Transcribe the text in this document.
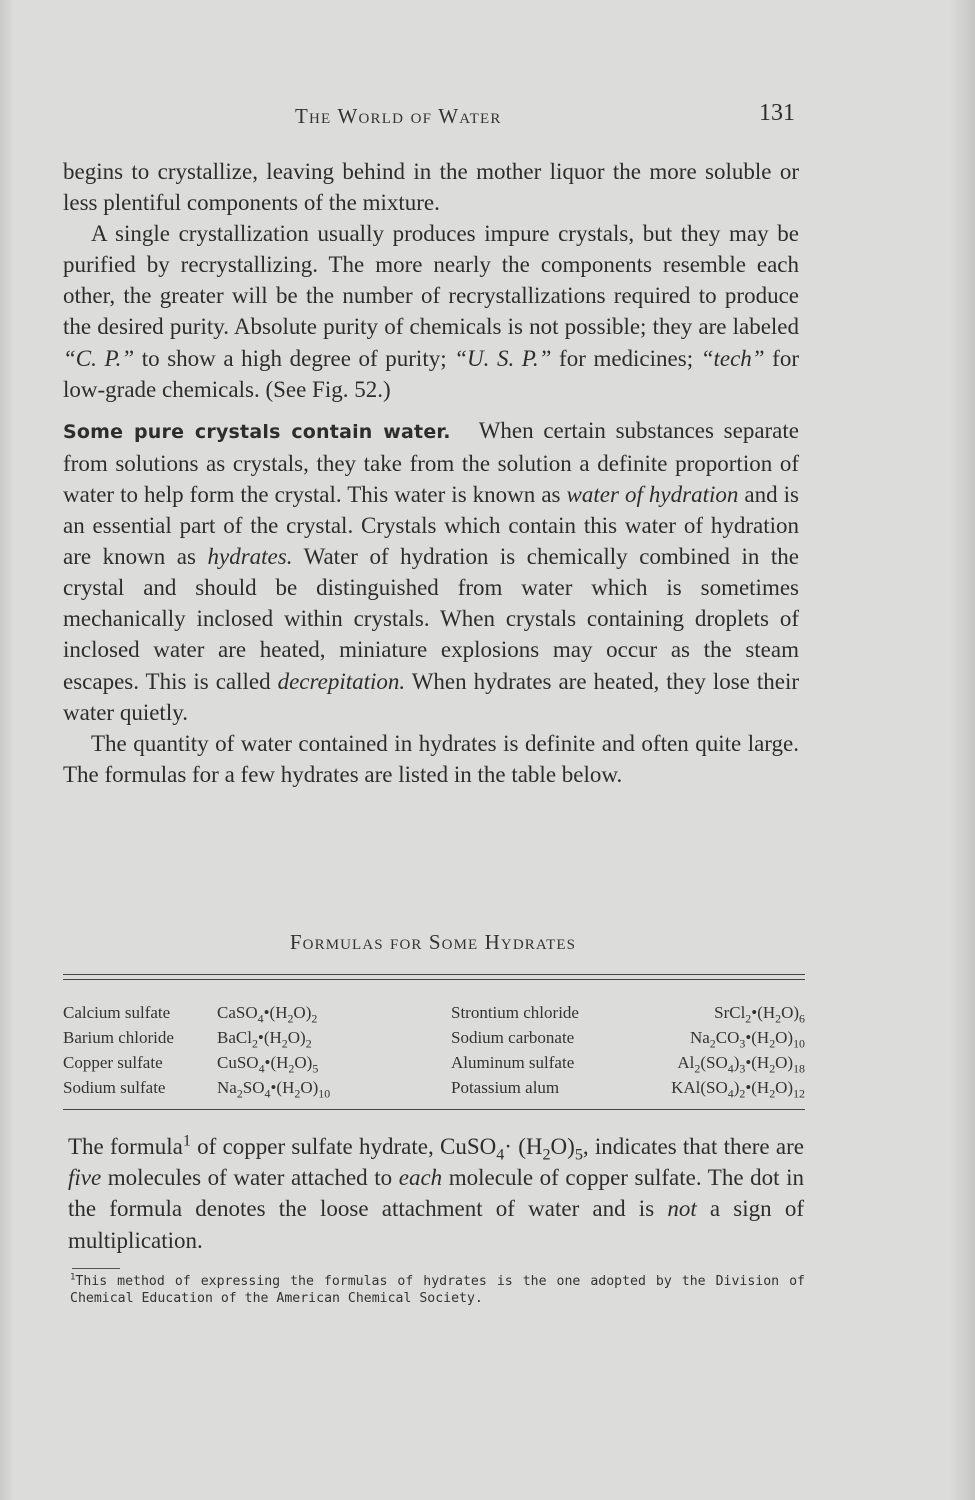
The World of Water	131

begins to crystallize, leaving behind in the mother liquor the more soluble or less plentiful components of the mixture.

A single crystallization usually produces impure crystals, but they may be purified by recrystallizing. The more nearly the components resemble each other, the greater will be the number of recrystallizations required to produce the desired purity. Absolute purity of chemicals is not possible; they are labeled “C. P.” to show a high degree of purity; “U. S. P.” for medicines; “tech” for low-grade chemicals. (See Fig. 52.)

Some pure crystals contain water. When certain substances separate from solutions as crystals, they take from the solution a definite proportion of water to help form the crystal. This water is known as water of hydration and is an essential part of the crystal. Crystals which contain this water of hydration are known as hydrates. Water of hydration is chemically combined in the crystal and should be distinguished from water which is sometimes mechanically inclosed within crystals. When crystals containing droplets of inclosed water are heated, miniature explosions may occur as the steam escapes. This is called decrepitation. When hydrates are heated, they lose their water quietly.

The quantity of water contained in hydrates is definite and often quite large. The formulas for a few hydrates are listed in the table below.

Formulas for Some Hydrates
Calcium sulfate	$CaSO_4•(H_2O)_2$	Strontium chloride	$SrCl_2•(H_2O)_6$
Barium chloride	$BaCl_2•(H_2O)_2$	Sodium carbonate	$Na_2CO_3•(H_2O)_{10}$
Copper sulfate	$CuSO_4•(H_2O)_5$	Aluminum sulfate	$Al_2(SO_4)_3•(H_2O)_{18}$
Sodium sulfate	$Na_2SO_4•(H_2O)_{10}$	Potassium alum	$KAl(SO_4)_2•(H_2O)_{12}$

The formula$^1$ of copper sulfate hydrate, CuSO$_4$· $(H_2O)_5$, indicates that there are five molecules of water attached to each molecule of copper sulfate. The dot in the formula denotes the loose attachment of water and is not a sign of multiplication.

$^1$This method of expressing the formulas of hydrates is the one adopted by the Division of Chemical Education of the American Chemical Society.
